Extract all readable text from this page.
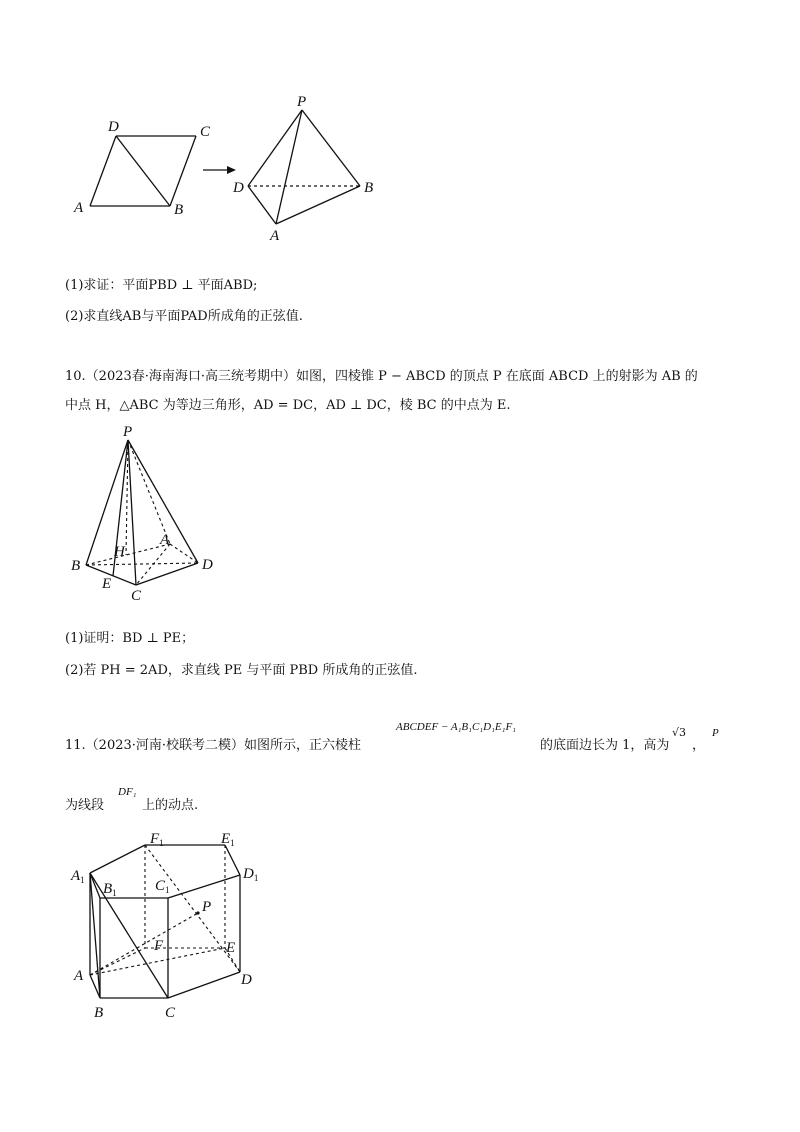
A
D	C
B
P
D	B
A
(1)求证：平面PBD ⊥ 平面ABD;
(2)求直线AB与平面PAD所成角的正弦值.
10.（2023春·海南海口·高三统考期中）如图，四棱锥 P − ABCD 的顶点 P 在底面 ABCD 上的射影为 AB 的
中点 H，△ABC 为等边三角形，AD = DC，AD ⊥ DC，棱 BC 的中点为 E.
P
H
A
B
E
C
D
(1)证明：BD ⊥ PE；
(2)若 PH = 2AD，求直线 PE 与平面 PBD 所成角的正弦值.
11.（2023·河南·校联考二模）如图所示，正六棱柱
ABCDEF − A₁B₁C₁D₁E₁F₁
的底面边长为 1，高为
√3
，
P
为线段
DF₁
上的动点.
$F_1$	$E_1$
$A_1$	$D_1$
$B_1$	$C_1$
P
F	E
A	D
B	C
